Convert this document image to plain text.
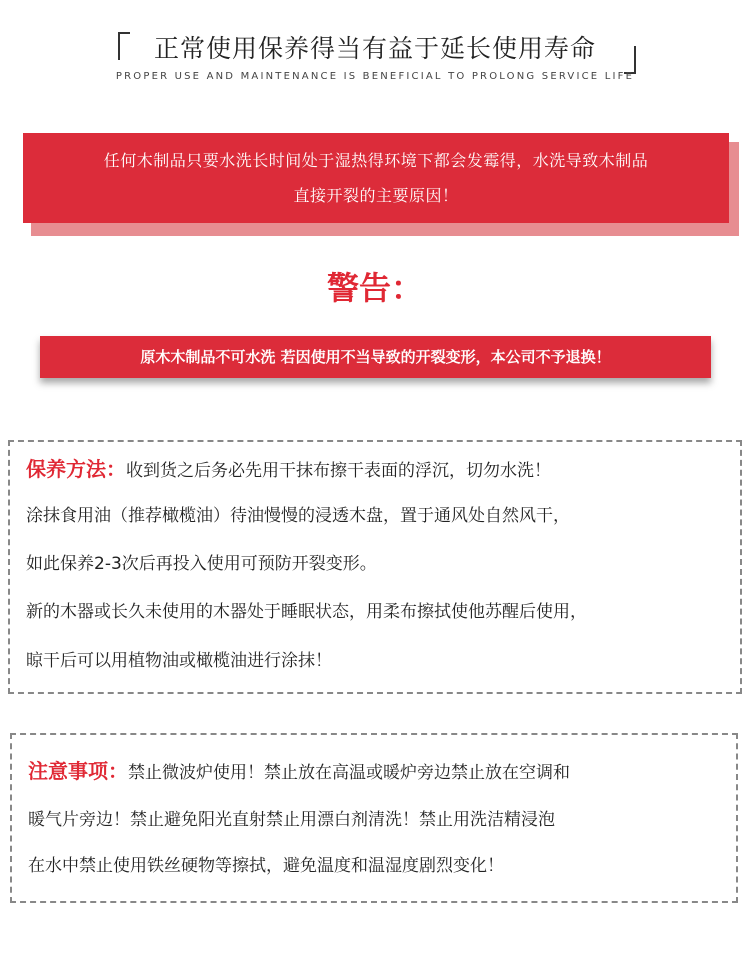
正常使用保养得当有益于延长使用寿命
PROPER USE AND MAINTENANCE IS BENEFICIAL TO PROLONG SERVICE LIFE
任何木制品只要水洗长时间处于湿热得环境下都会发霉得，水洗导致木制品
直接开裂的主要原因！
警告：
原木木制品不可水洗 若因使用不当导致的开裂变形，本公司不予退换！
保养方法：收到货之后务必先用干抹布擦干表面的浮沉，切勿水洗！
涂抹食用油（推荐橄榄油）待油慢慢的浸透木盘，置于通风处自然风干，
如此保养2-3次后再投入使用可预防开裂变形。
新的木器或长久未使用的木器处于睡眠状态，用柔布擦拭使他苏醒后使用，
晾干后可以用植物油或橄榄油进行涂抹！
注意事项：禁止微波炉使用！禁止放在高温或暖炉旁边禁止放在空调和
暖气片旁边！禁止避免阳光直射禁止用漂白剂清洗！禁止用洗洁精浸泡
在水中禁止使用铁丝硬物等擦拭，避免温度和温湿度剧烈变化！
